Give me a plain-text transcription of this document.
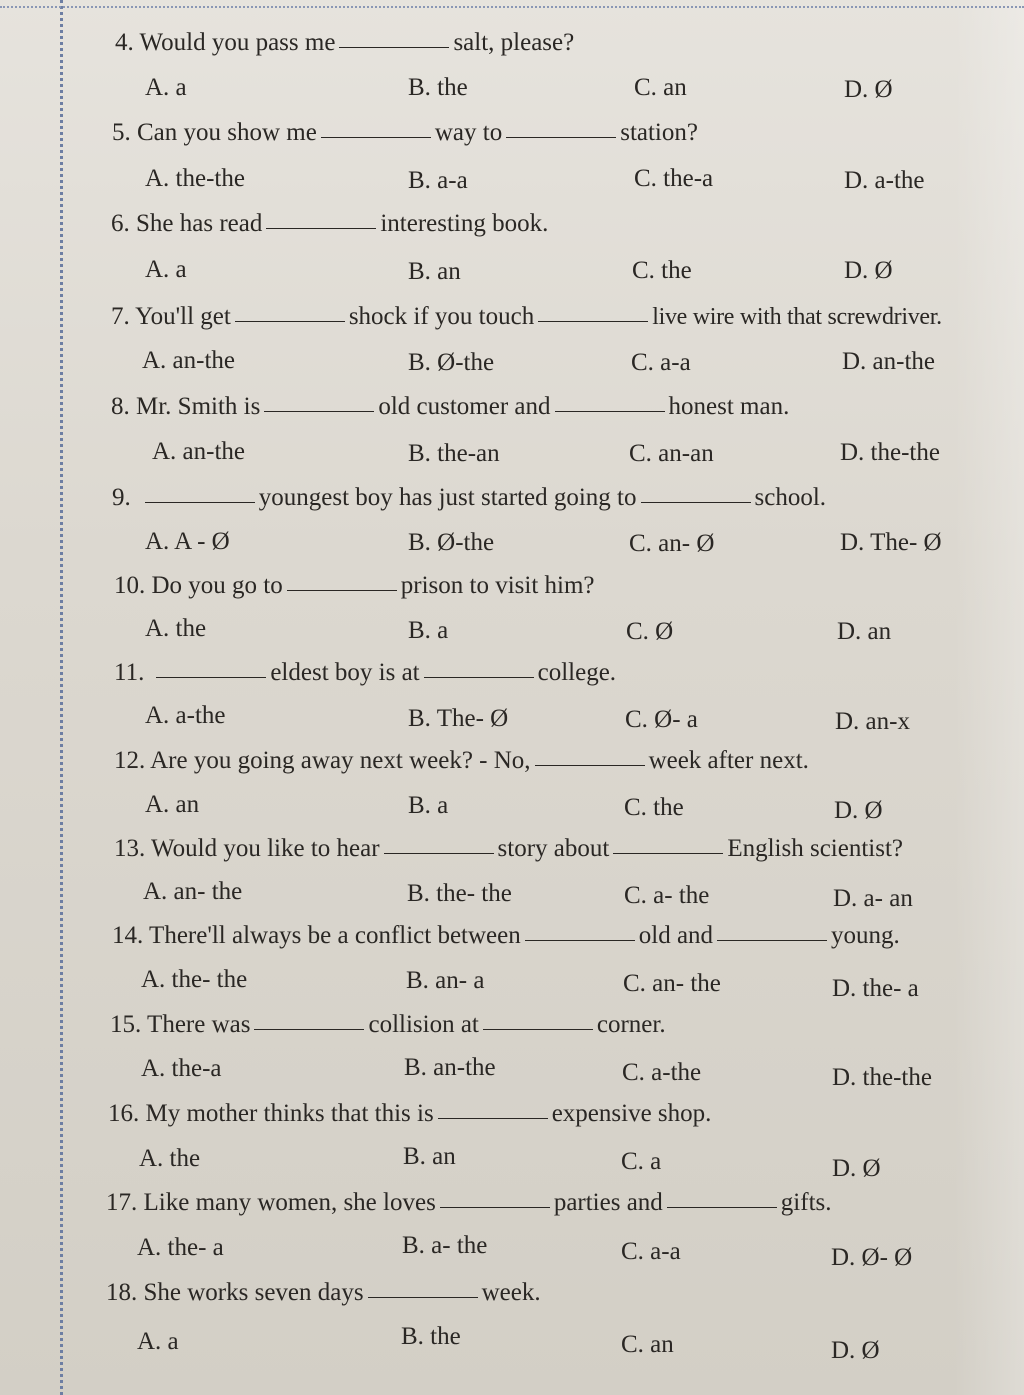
4. Would you pass me	salt, please?
A. a	B. the	C. an	D. Ø
5. Can you show me	way to	station?
A. the-the	B. a-a	C. the-a	D. a-the
6. She has read	interesting book.
A. a	B. an	C. the	D. Ø
7. You'll get	shock if you touch	live wire with that screwdriver.
A. an-the	B. Ø-the	C. a-a	D. an-the
8. Mr. Smith is	old customer and	honest man.
A. an-the	B. the-an	C. an-an	D. the-the
9.	youngest boy has just started going to	school.
A. A - Ø	B. Ø-the	C. an- Ø	D. The- Ø
10. Do you go to	prison to visit him?
A. the	B. a	C. Ø	D. an
11.	eldest boy is at	college.
A. a-the	B. The- Ø	C. Ø- a	D. an-x
12. Are you going away next week? - No,	week after next.
A. an	B. a	C. the	D. Ø
13. Would you like to hear	story about	English scientist?
A. an- the	B. the- the	C. a- the	D. a- an
14. There'll always be a conflict between	old and	young.
A. the- the	B. an- a	C. an- the	D. the- a
15. There was	collision at	corner.
A. the-a	B. an-the	C. a-the	D. the-the
16. My mother thinks that this is	expensive shop.
A. the	B. an	C. a	D. Ø
17. Like many women, she loves	parties and	gifts.
A. the- a	B. a- the	C. a-a	D. Ø- Ø
18. She works seven days	week.
A. a	B. the	C. an	D. Ø
